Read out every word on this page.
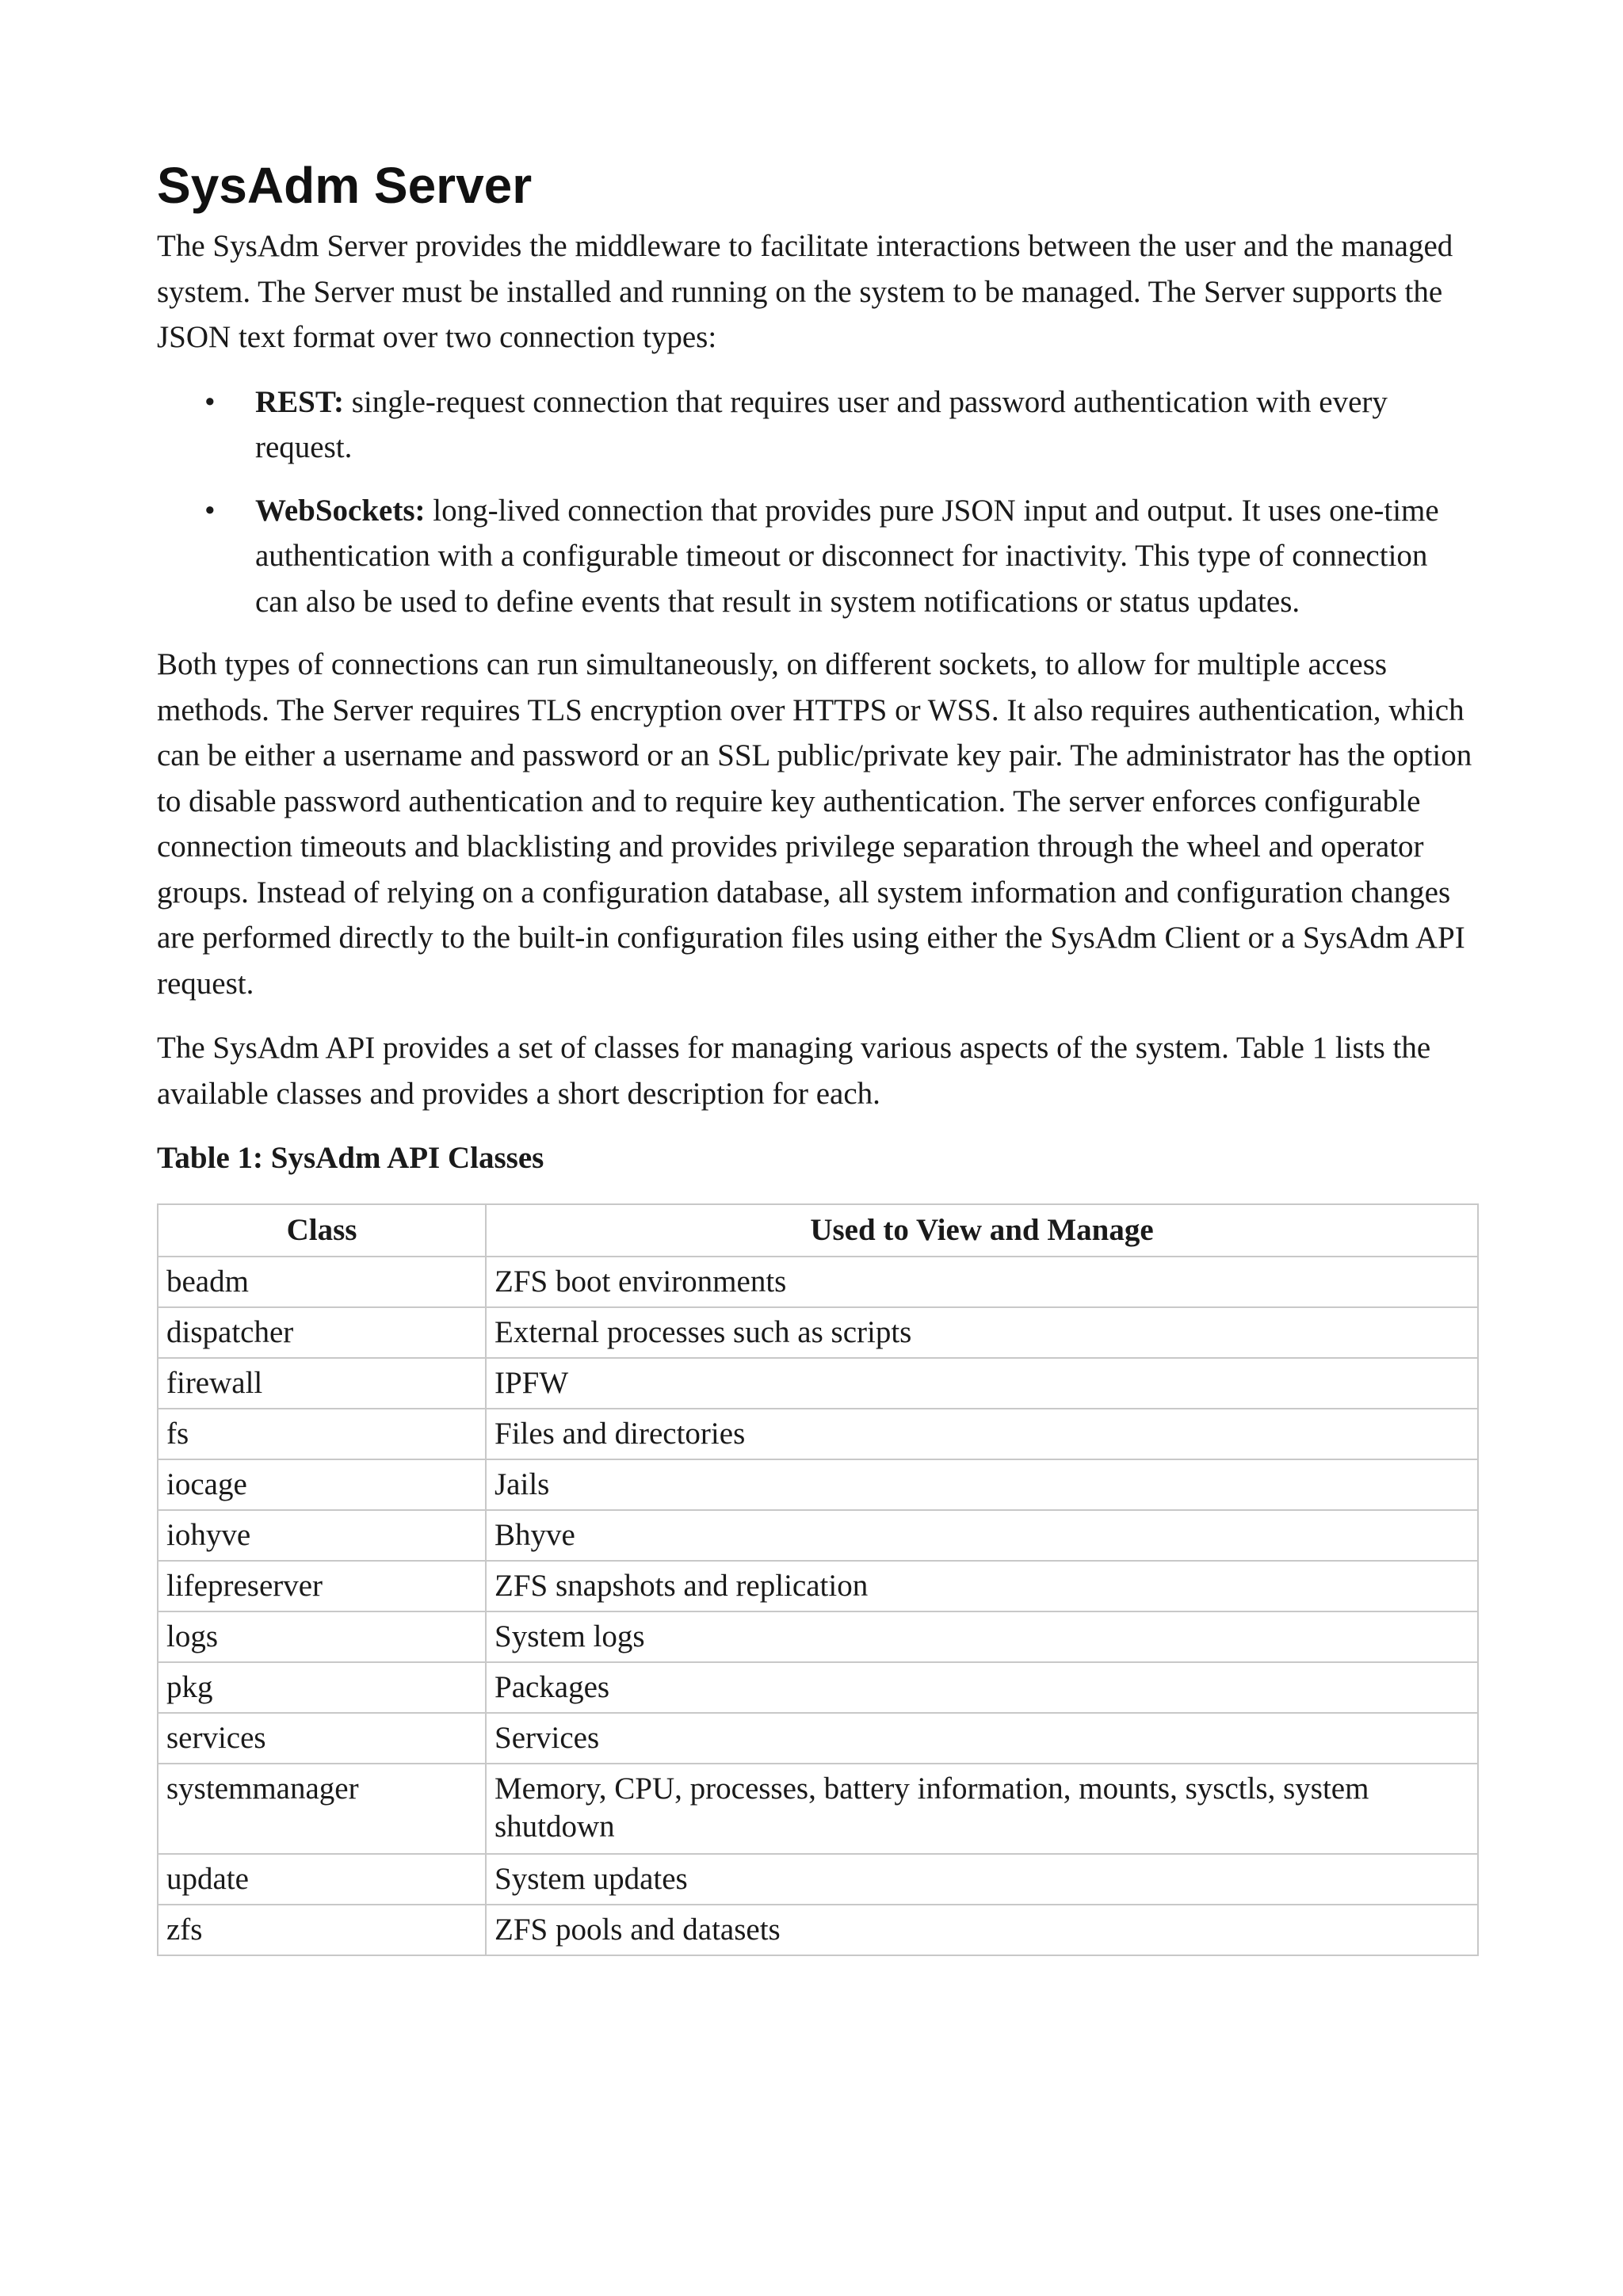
SysAdm Server

The SysAdm Server provides the middleware to facilitate interactions between the user and the managed system. The Server must be installed and running on the system to be managed. The Server supports the JSON text format over two connection types:

• REST: single-request connection that requires user and password authentication with every request.
• WebSockets: long-lived connection that provides pure JSON input and output. It uses one-time authentication with a configurable timeout or disconnect for inactivity. This type of connection can also be used to define events that result in system notifications or status updates.

Both types of connections can run simultaneously, on different sockets, to allow for multiple access methods. The Server requires TLS encryption over HTTPS or WSS. It also requires authentication, which can be either a username and password or an SSL public/private key pair. The administrator has the option to disable password authentication and to require key authentication. The server enforces configurable connection timeouts and blacklisting and provides privilege separation through the wheel and operator groups. Instead of relying on a configuration database, all system information and configuration changes are performed directly to the built-in configuration files using either the SysAdm Client or a SysAdm API request.

The SysAdm API provides a set of classes for managing various aspects of the system. Table 1 lists the available classes and provides a short description for each.

Table 1: SysAdm API Classes
Class	Used to View and Manage
beadm	ZFS boot environments
dispatcher	External processes such as scripts
firewall	IPFW
fs	Files and directories
iocage	Jails
iohyve	Bhyve
lifepreserver	ZFS snapshots and replication
logs	System logs
pkg	Packages
services	Services
systemmanager	Memory, CPU, processes, battery information, mounts, sysctls, system shutdown
update	System updates
zfs	ZFS pools and datasets
